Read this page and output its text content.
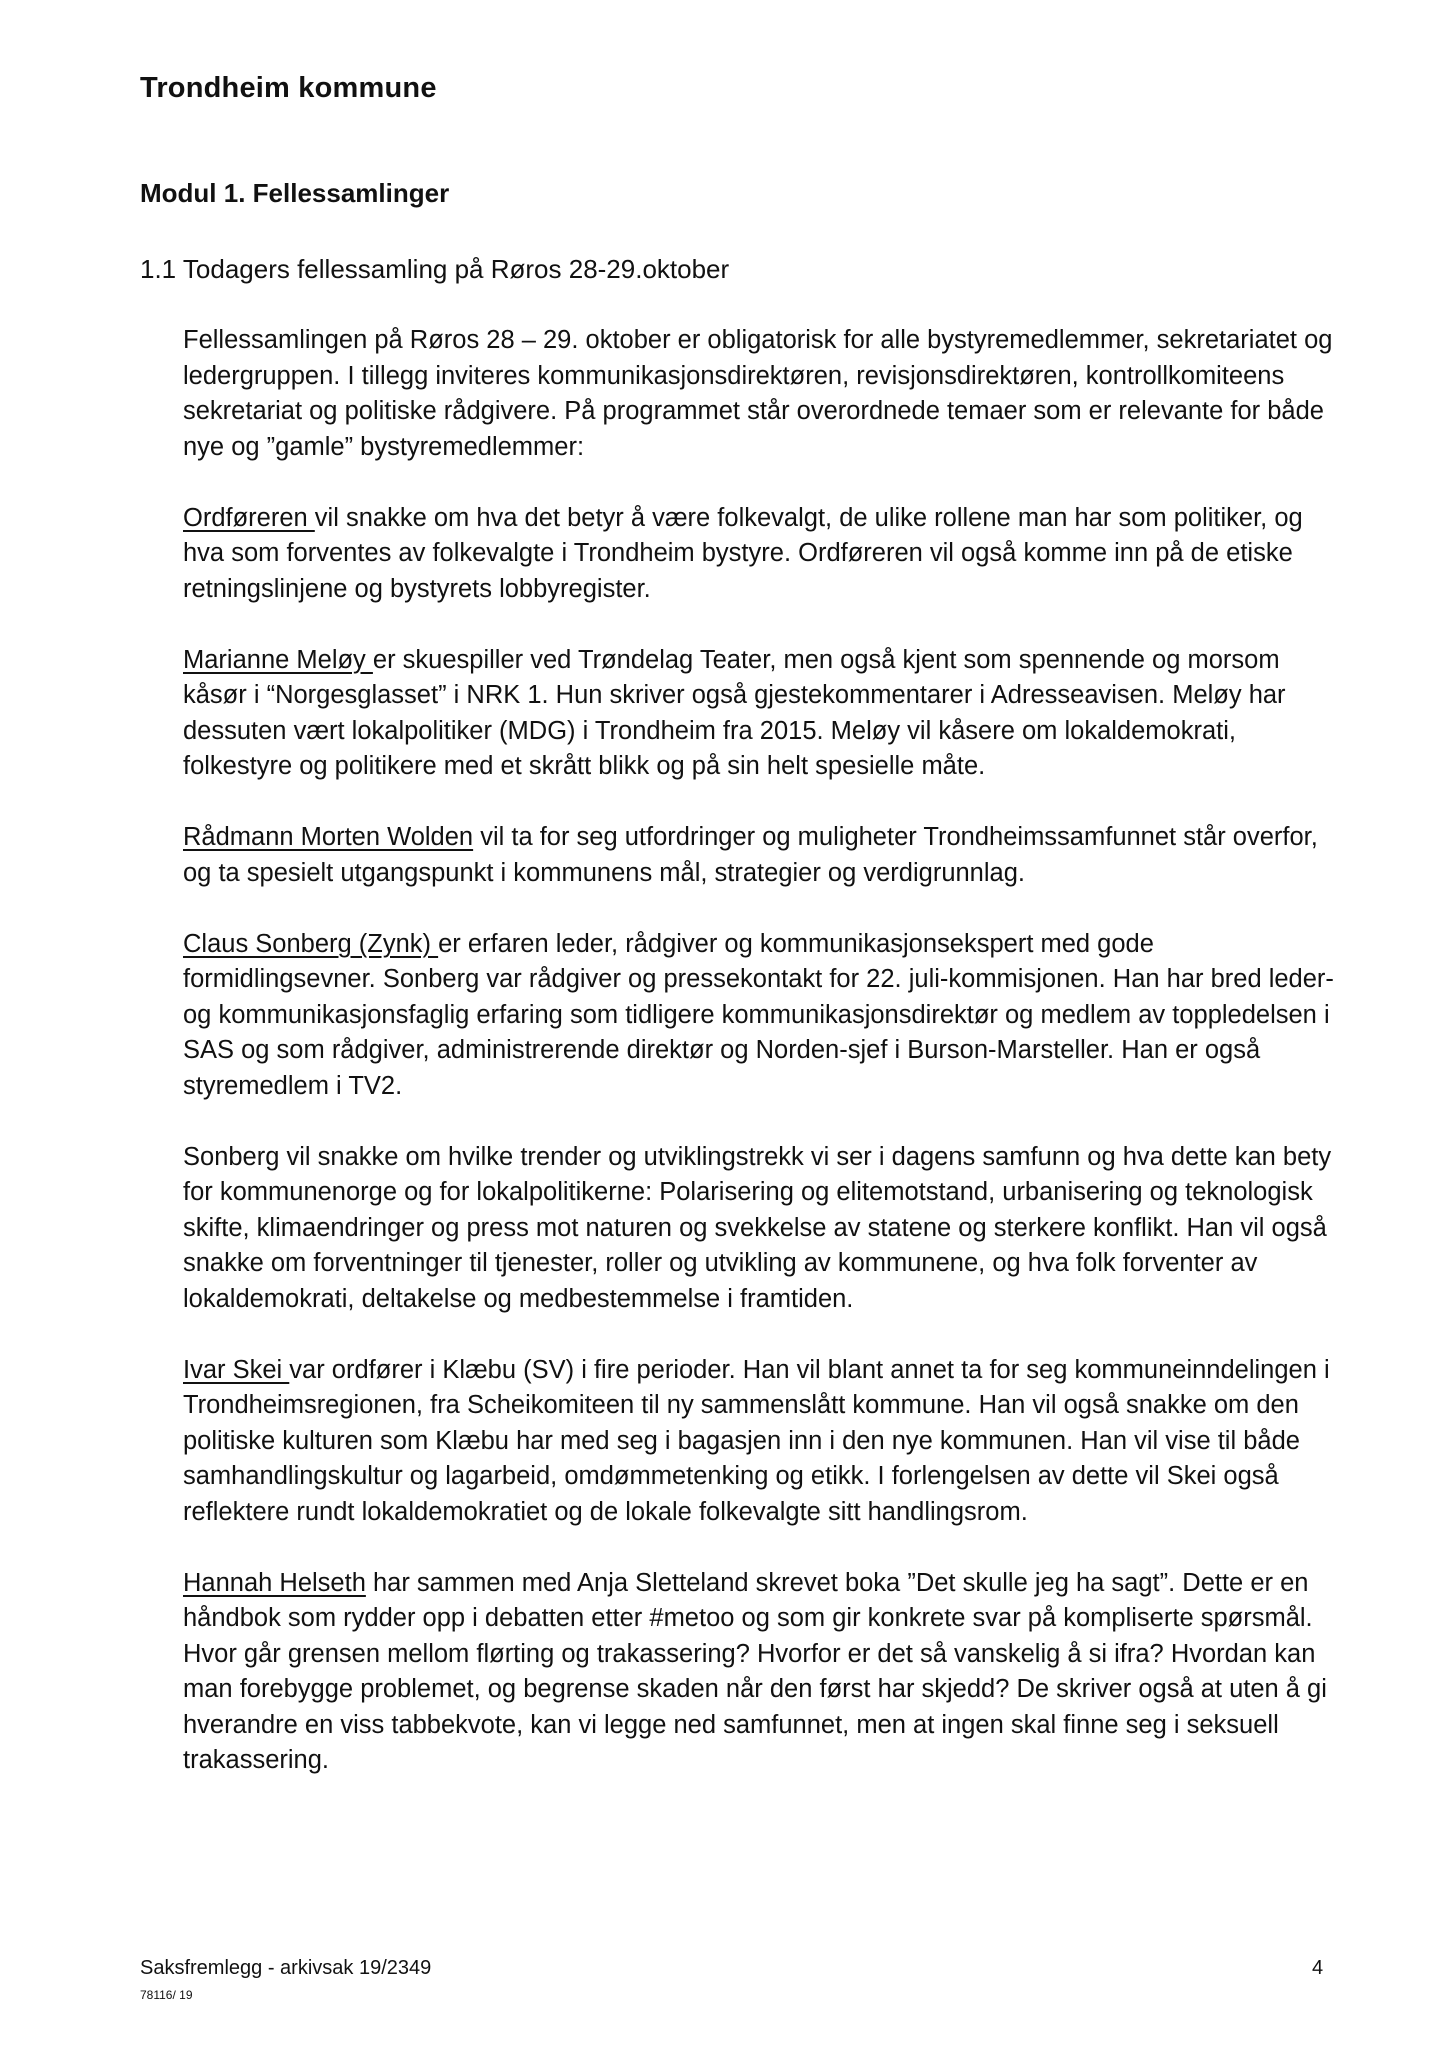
Trondheim kommune
Modul 1. Fellessamlinger
1.1 Todagers fellessamling på Røros 28-29.oktober

Fellessamlingen på Røros 28 – 29. oktober er obligatorisk for alle bystyremedlemmer, sekretariatet og ledergruppen. I tillegg inviteres kommunikasjonsdirektøren, revisjonsdirektøren, kontrollkomiteens sekretariat og politiske rådgivere. På programmet står overordnede temaer som er relevante for både nye og ”gamle” bystyremedlemmer:

Ordføreren vil snakke om hva det betyr å være folkevalgt, de ulike rollene man har som politiker, og hva som forventes av folkevalgte i Trondheim bystyre. Ordføreren vil også komme inn på de etiske retningslinjene og bystyrets lobbyregister.

Marianne Meløy er skuespiller ved Trøndelag Teater, men også kjent som spennende og morsom kåsør i “Norgesglasset” i NRK 1. Hun skriver også gjestekommentarer i Adresseavisen. Meløy har dessuten vært lokalpolitiker (MDG) i Trondheim fra 2015. Meløy vil kåsere om lokaldemokrati, folkestyre og politikere med et skrått blikk og på sin helt spesielle måte.

Rådmann Morten Wolden vil ta for seg utfordringer og muligheter Trondheimssamfunnet står overfor, og ta spesielt utgangspunkt i kommunens mål, strategier og verdigrunnlag.

Claus Sonberg (Zynk) er erfaren leder, rådgiver og kommunikasjonsekspert med gode formidlingsevner. Sonberg var rådgiver og pressekontakt for 22. juli-kommisjonen. Han har bred leder- og kommunikasjonsfaglig erfaring som tidligere kommunikasjonsdirektør og medlem av toppledelsen i SAS og som rådgiver, administrerende direktør og Norden-sjef i Burson-Marsteller. Han er også styremedlem i TV2.

Sonberg vil snakke om hvilke trender og utviklingstrekk vi ser i dagens samfunn og hva dette kan bety for kommunenorge og for lokalpolitikerne: Polarisering og elitemotstand, urbanisering og teknologisk skifte, klimaendringer og press mot naturen og svekkelse av statene og sterkere konflikt. Han vil også snakke om forventninger til tjenester, roller og utvikling av kommunene, og hva folk forventer av lokaldemokrati, deltakelse og medbestemmelse i framtiden.

Ivar Skei var ordfører i Klæbu (SV) i fire perioder. Han vil blant annet ta for seg kommuneinndelingen i Trondheimsregionen, fra Scheikomiteen til ny sammenslått kommune. Han vil også snakke om den politiske kulturen som Klæbu har med seg i bagasjen inn i den nye kommunen. Han vil vise til både samhandlingskultur og lagarbeid, omdømmetenking og etikk. I forlengelsen av dette vil Skei også reflektere rundt lokaldemokratiet og de lokale folkevalgte sitt handlingsrom.

Hannah Helseth har sammen med Anja Sletteland skrevet boka ”Det skulle jeg ha sagt”. Dette er en håndbok som rydder opp i debatten etter #metoo og som gir konkrete svar på kompliserte spørsmål. Hvor går grensen mellom flørting og trakassering? Hvorfor er det så vanskelig å si ifra? Hvordan kan man forebygge problemet, og begrense skaden når den først har skjedd? De skriver også at uten å gi hverandre en viss tabbekvote, kan vi legge ned samfunnet, men at ingen skal finne seg i seksuell trakassering.

Saksfremlegg - arkivsak 19/2349
78116/ 19
4
